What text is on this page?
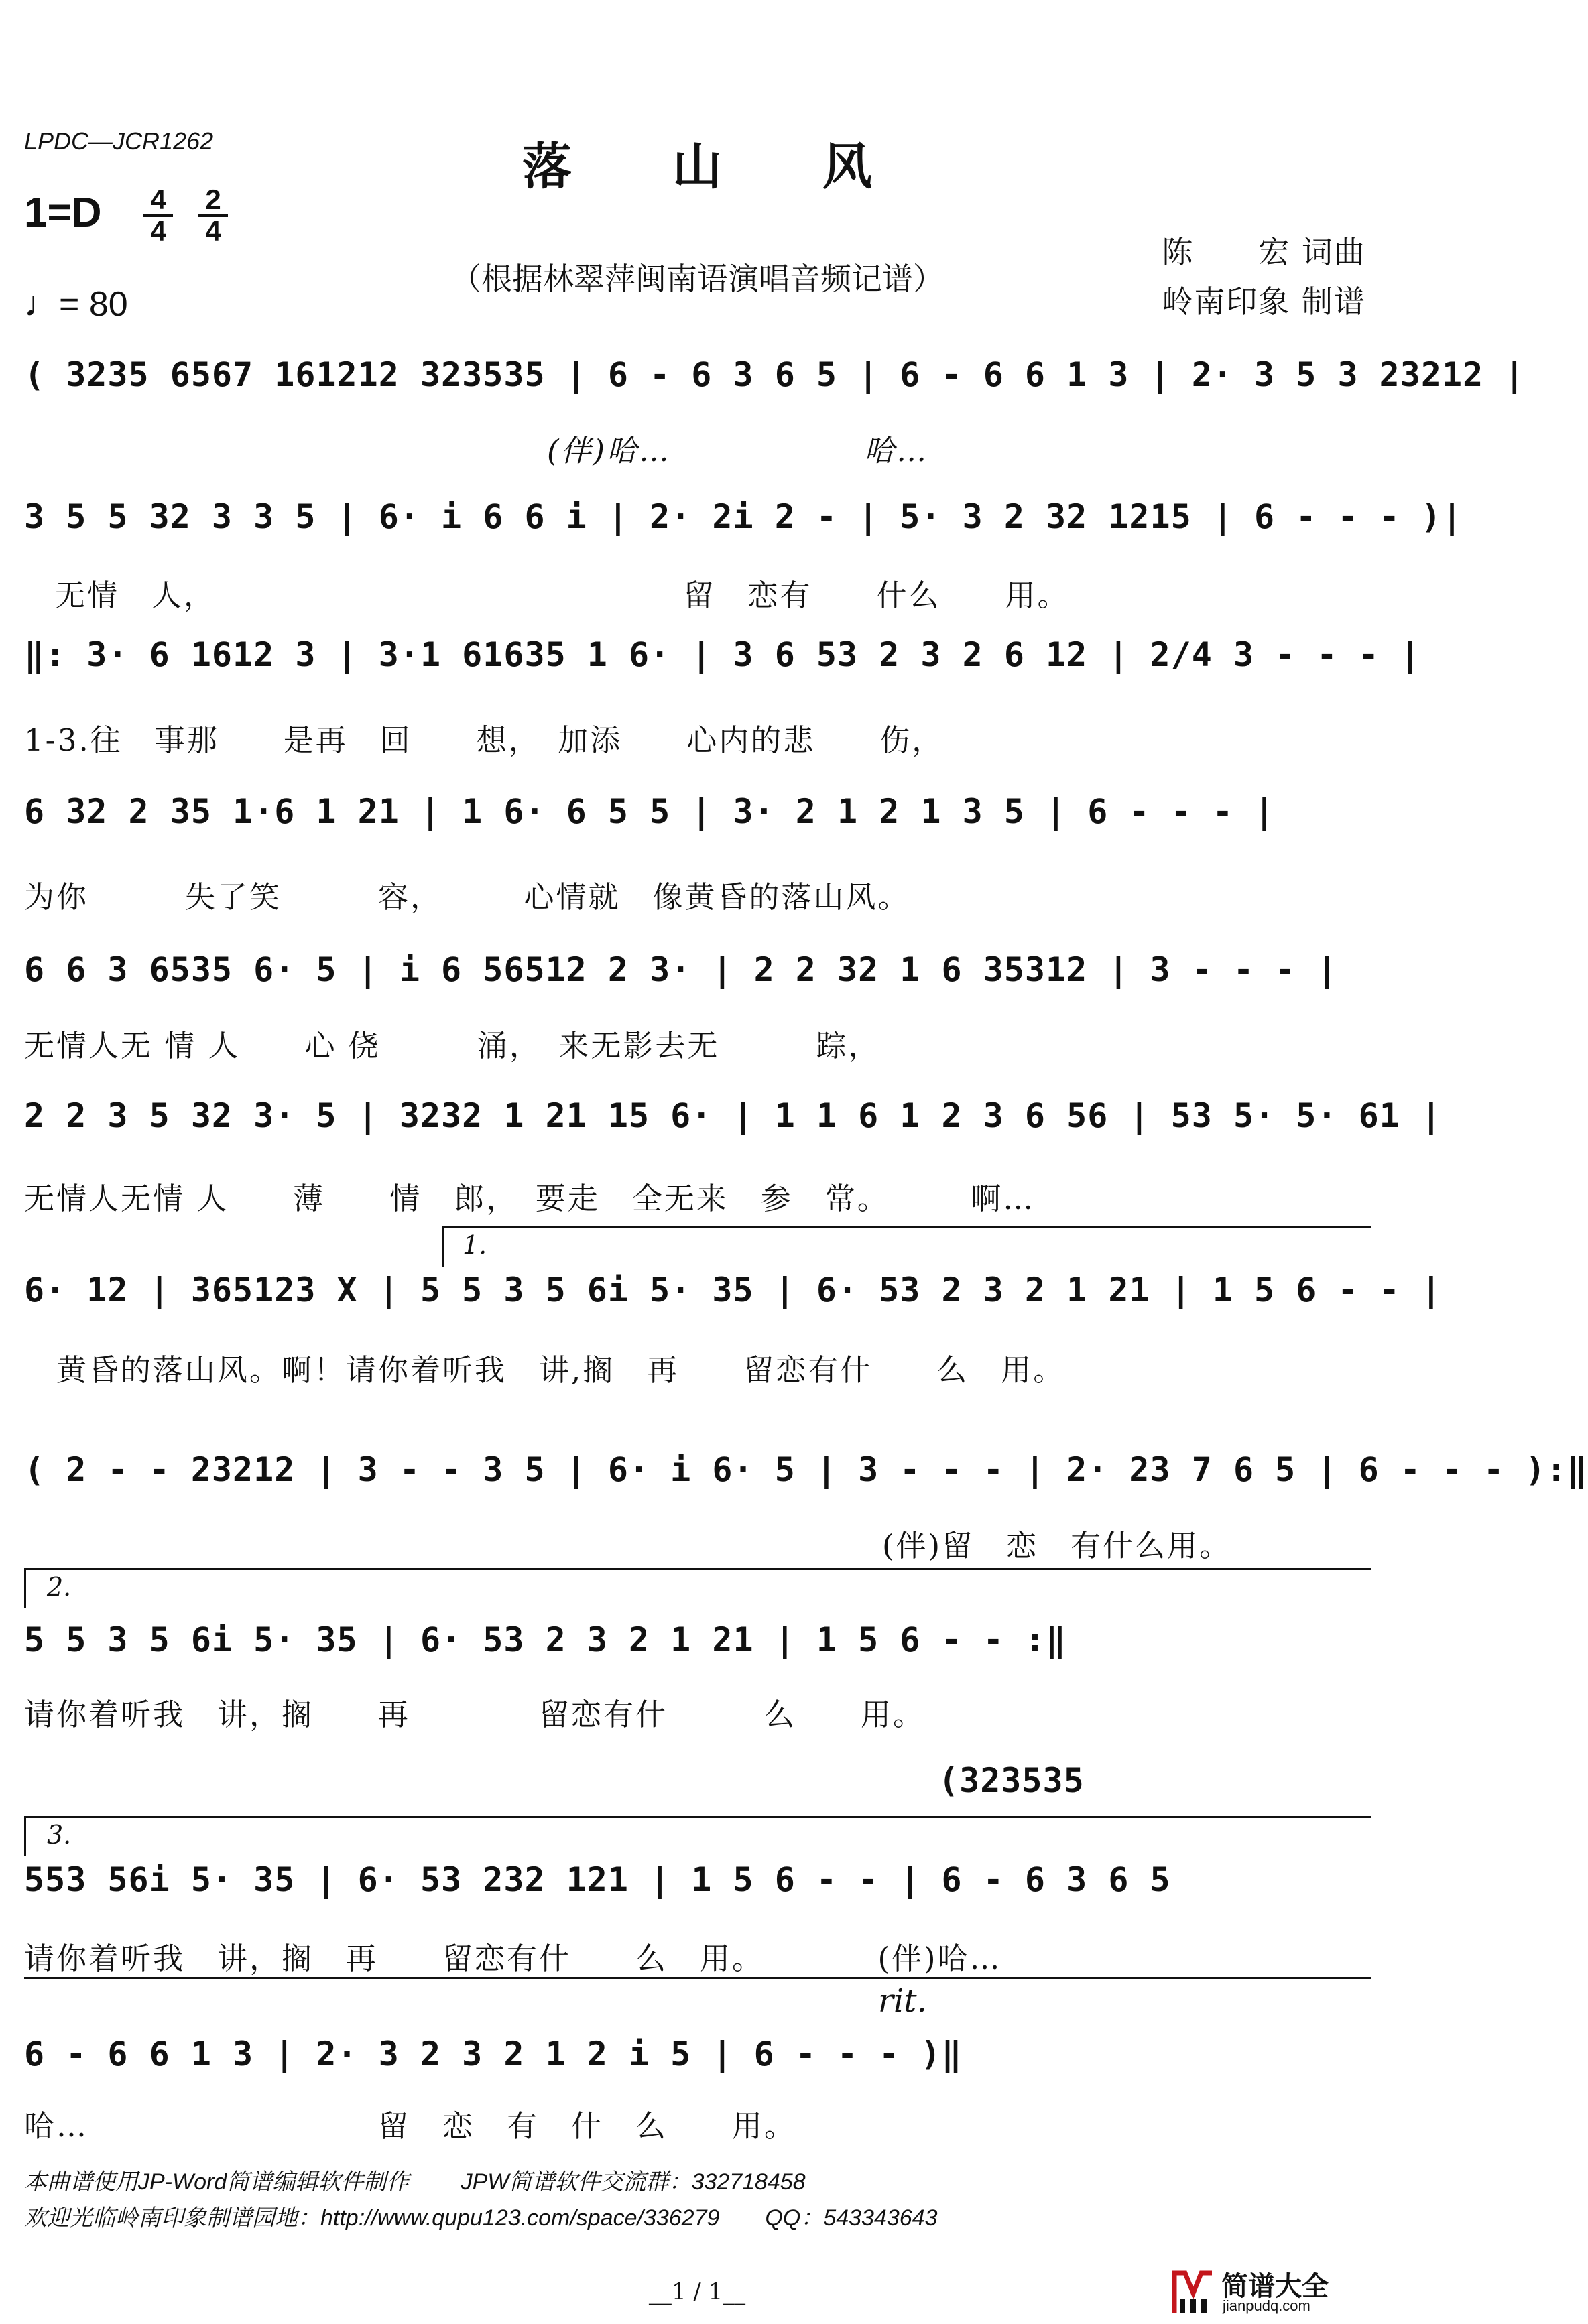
LPDC—JCR1262	落山风
1=D 4
4
2
4
（根据林翠萍闽南语演唱音频记谱）
陈　　宏 词曲
岭南印象 制谱
♩= 80
( 3235 6567 161212 323535 | 6 - 6 3 6 5 | 6 - 6 6 1 3 | 2· 3 5 3 23212 |
(伴)哈…　　　　　　哈…
3 5 5 32 3 3 5 | 6· i 6 6 i | 2· 2i 2 - | 5· 3 2 32 1215 | 6 - - - )|
无情　人，　　　　　　　　　　　　　　　留　恋有　　什么　　用。
‖: 3· 6 1612 3 | 3·1 61635 1 6· | 3 6 53 2 3 2 6 12 | 2/4 3 - - - |
1-3.往　事那　　是再　回　　想，　加添　　心内的悲　　伤，
6 32 2 35 1·6 1 21 | 1 6· 6 5 5 | 3· 2 1 2 1 3 5 | 6 - - - |
为你　　　失了笑　　　容，　　　心情就　像黄昏的落山风。
6 6 3 6535 6· 5 | i 6 56512 2 3· | 2 2 32 1 6 35312 | 3 - - - |
无情人无 情 人　　心 侥　　　涌，　来无影去无　　　踪，
2 2 3 5 32 3· 5 | 3232 1 21 15 6· | 1 1 6 1 2 3 6 56 | 53 5· 5· 61 |
无情人无情 人　　薄　　情　郎，　要走　全无来　参　常。　　　啊…
1.
6· 12 | 365123 X | 5 5 3 5 6i 5· 35 | 6· 53 2 3 2 1 21 | 1 5 6 - - |
　黄昏的落山风。啊！请你着听我　讲,搁　再　　留恋有什　　么　用。
( 2 - - 23212 | 3 - - 3 5 | 6· i 6· 5 | 3 - - - | 2· 23 7 6 5 | 6 - - - ):‖
(伴)留　恋　有什么用。
2.
5 5 3 5 6i 5· 35 | 6· 53 2 3 2 1 21 | 1 5 6 - - :‖
请你着听我　讲，搁　　再　　　　留恋有什　　　么　　用。
(323535
3.
553 56i 5· 35 | 6· 53 232 121 | 1 5 6 - - | 6 - 6 3 6 5
请你着听我　讲，搁　再　　留恋有什　　么　用。　　　　(伴)哈…
rit.
6 - 6 6 1 3 | 2· 3 2 3 2 1 2 i 5 | 6 - - - )‖
哈…　　　　　　　　　留　恋　有　什　么　　用。
本曲谱使用JP-Word简谱编辑软件制作　　 JPW简谱软件交流群：332718458
欢迎光临岭南印象制谱园地：http://www.qupu123.com/space/336279　　QQ：543343643
__1 / 1__	简谱大全
jianpudq.com
